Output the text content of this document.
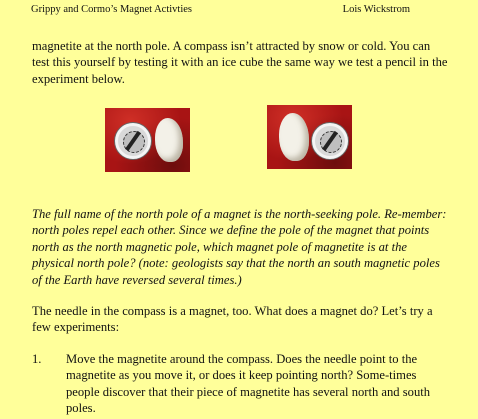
Grippy and Cormo’s Magnet Activties	Lois Wickstrom

magnetite at the north pole. A compass isn’t attracted by snow or cold. You can test this yourself by testing it with an ice cube the same way we test a pencil in the experiment below.

The full name of the north pole of a magnet is the north-seeking pole. Re-member: north poles repel each other. Since we define the pole of the magnet that points north as the north magnetic pole, which magnet pole of magnetite is at the physical north pole? (note: geologists say that the north an south magnetic poles of the Earth have reversed several times.)

The needle in the compass is a magnet, too. What does a magnet do? Let’s try a few experiments:

1.	Move the magnetite around the compass. Does the needle point to the magnetite as you move it, or does it keep pointing north? Some-times people discover that their piece of magnetite has several north and south poles.
